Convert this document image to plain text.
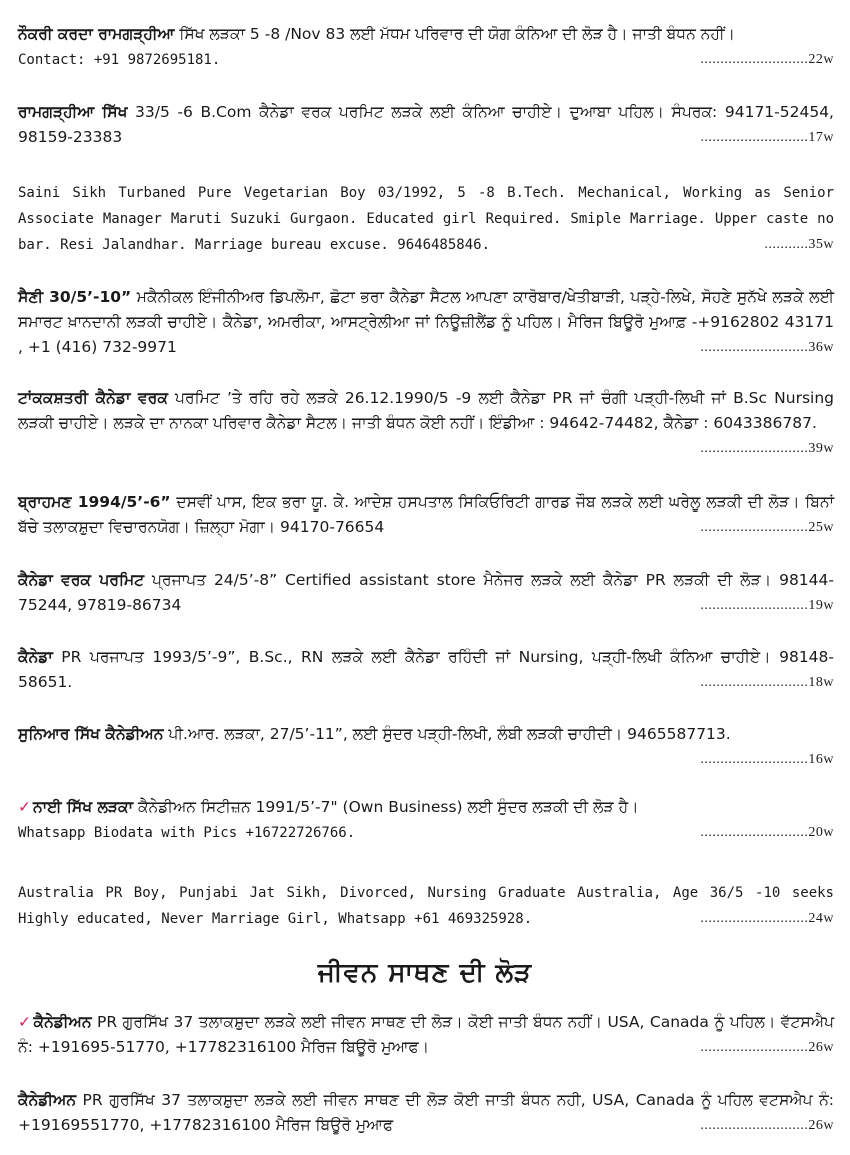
ਨੌਕਰੀ ਕਰਦਾ ਰਾਮਗੜ੍ਹੀਆ ਸਿੱਖ ਲੜਕਾ 5 -8 /Nov 83 ਲਈ ਮੱਧਮ ਪਰਿਵਾਰ ਦੀ ਯੋਗ ਕੰਨਿਆ ਦੀ ਲੋੜ ਹੈ। ਜਾਤੀ ਬੰਧਨ ਨਹੀਂ।
Contact: +91 9872695181.	...........................22w
ਰਾਮਗੜ੍ਹੀਆ ਸਿੱਖ 33/5 -6 B.Com ਕੈਨੇਡਾ ਵਰਕ ਪਰਮਿਟ ਲੜਕੇ ਲਈ ਕੰਨਿਆ ਚਾਹੀਏ। ਦੁਆਬਾ ਪਹਿਲ। ਸੰਪਰਕ: 94171-52454, 98159-23383	...........................17w
Saini Sikh Turbaned Pure Vegetarian Boy 03/1992, 5 -8 B.Tech. Mechanical, Working as Senior Associate Manager Maruti Suzuki Gurgaon. Educated girl Required. Smiple Marriage. Upper caste no bar. Resi Jalandhar. Marriage bureau excuse. 9646485846.	...........35w
ਸੈਣੀ 30/5’-10” ਮਕੈਨੀਕਲ ਇੰਜੀਨੀਅਰ ਡਿਪਲੋਮਾ, ਛੋਟਾ ਭਰਾ ਕੈਨੇਡਾ ਸੈਟਲ ਆਪਣਾ ਕਾਰੋਬਾਰ/ਖੇਤੀਬਾੜੀ, ਪੜ੍ਹੇ-ਲਿਖੇ, ਸੋਹਣੇ ਸੁਨੱਖੇ ਲੜਕੇ ਲਈ ਸਮਾਰਟ ਖ਼ਾਨਦਾਨੀ ਲੜਕੀ ਚਾਹੀਏ। ਕੈਨੇਡਾ, ਅਮਰੀਕਾ, ਆਸਟ੍ਰੇਲੀਆ ਜਾਂ ਨਿਊਜ਼ੀਲੈਂਡ ਨੂੰ ਪਹਿਲ। ਮੈਰਿਜ ਬਿਊਰੋ ਮੁਆਫ਼ -+9162802 43171 , +1 (416) 732-9971	...........................36w
ਟਾਂਕਕਸ਼ਤਰੀ ਕੈਨੇਡਾ ਵਰਕ ਪਰਮਿਟ ’ਤੇ ਰਹਿ ਰਹੇ ਲੜਕੇ 26.12.1990/5 -9 ਲਈ ਕੈਨੇਡਾ PR ਜਾਂ ਚੰਗੀ ਪੜ੍ਹੀ-ਲਿਖੀ ਜਾਂ B.Sc Nursing ਲੜਕੀ ਚਾਹੀਏ। ਲੜਕੇ ਦਾ ਨਾਨਕਾ ਪਰਿਵਾਰ ਕੈਨੇਡਾ ਸੈਟਲ। ਜਾਤੀ ਬੰਧਨ ਕੋਈ ਨਹੀਂ। ਇੰਡੀਆ : 94642-74482, ਕੈਨੇਡਾ : 6043386787.
...........................39w
ਬ੍ਰਾਹਮਣ 1994/5’-6” ਦਸਵੀਂ ਪਾਸ, ਇਕ ਭਰਾ ਯੂ. ਕੇ. ਆਦੇਸ਼ ਹਸਪਤਾਲ ਸਿਕਿਓਰਿਟੀ ਗਾਰਡ ਜੌਬ ਲੜਕੇ ਲਈ ਘਰੇਲੂ ਲੜਕੀ ਦੀ ਲੋੜ। ਬਿਨਾਂ ਬੱਚੇ ਤਲਾਕਸ਼ੁਦਾ ਵਿਚਾਰਨਯੋਗ। ਜ਼ਿਲ੍ਹਾ ਮੋਗਾ। 94170-76654	...........................25w
ਕੈਨੇਡਾ ਵਰਕ ਪਰਮਿਟ ਪ੍ਰਜਾਪਤ 24/5’-8” Certified assistant store ਮੈਨੇਜਰ ਲੜਕੇ ਲਈ ਕੈਨੇਡਾ PR ਲੜਕੀ ਦੀ ਲੋੜ। 98144-75244, 97819-86734	...........................19w
ਕੈਨੇਡਾ PR ਪਰਜਾਪਤ 1993/5’-9”, B.Sc., RN ਲੜਕੇ ਲਈ ਕੈਨੇਡਾ ਰਹਿੰਦੀ ਜਾਂ Nursing, ਪੜ੍ਹੀ-ਲਿਖੀ ਕੰਨਿਆ ਚਾਹੀਏ। 98148-58651.	...........................18w
ਸੁਨਿਆਰ ਸਿੱਖ ਕੈਨੇਡੀਅਨ ਪੀ.ਆਰ. ਲੜਕਾ, 27/5’-11”, ਲਈ ਸੁੰਦਰ ਪੜ੍ਹੀ-ਲਿਖੀ, ਲੰਬੀ ਲੜਕੀ ਚਾਹੀਦੀ। 9465587713.
...........................16w
✓ ਨਾਈ ਸਿੱਖ ਲੜਕਾ ਕੈਨੇਡੀਅਨ ਸਿਟੀਜ਼ਨ 1991/5’-7" (Own Business) ਲਈ ਸੁੰਦਰ ਲੜਕੀ ਦੀ ਲੋੜ ਹੈ।
Whatsapp Biodata with Pics +16722726766.	...........................20w
Australia PR Boy, Punjabi Jat Sikh, Divorced, Nursing Graduate Australia, Age 36/5 -10 seeks Highly educated, Never Marriage Girl, Whatsapp +61 469325928.	...........................24w
ਜੀਵਨ ਸਾਥਣ ਦੀ ਲੋੜ
✓ ਕੈਨੇਡੀਅਨ PR ਗੁਰਸਿੱਖ 37 ਤਲਾਕਸ਼ੁਦਾ ਲੜਕੇ ਲਈ ਜੀਵਨ ਸਾਥਣ ਦੀ ਲੋੜ। ਕੋਈ ਜਾਤੀ ਬੰਧਨ ਨਹੀਂ। USA, Canada ਨੂੰ ਪਹਿਲ। ਵੱਟਸਐਪ ਨੰ: +191695-51770, +17782316100 ਮੈਰਿਜ ਬਿਊਰੋ ਮੁਆਫ।	...........................26w
ਕੈਨੇਡੀਅਨ PR ਗੁਰਸਿੱਖ 37 ਤਲਾਕਸ਼ੁਦਾ ਲੜਕੇ ਲਈ ਜੀਵਨ ਸਾਥਣ ਦੀ ਲੋੜ ਕੋਈ ਜਾਤੀ ਬੰਧਨ ਨਹੀ, USA, Canada ਨੂੰ ਪਹਿਲ ਵਟਸਐਪ ਨੰ: +19169551770, +17782316100 ਮੈਰਿਜ ਬਿਊਰੋ ਮੁਆਫ	...........................26w
